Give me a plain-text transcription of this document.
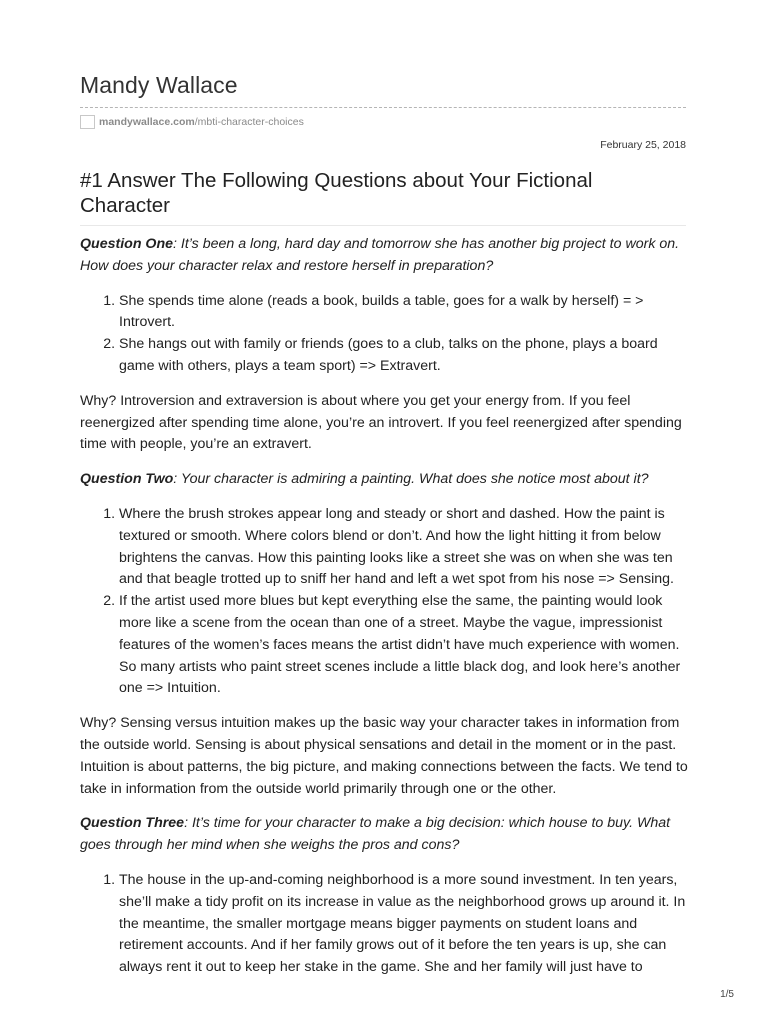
Mandy Wallace
mandywallace.com /mbti-character-choices
February 25, 2018
#1 Answer The Following Questions about Your Fictional Character

Question One: It’s been a long, hard day and tomorrow she has another big project to work on. How does your character relax and restore herself in preparation?

1. She spends time alone (reads a book, builds a table, goes for a walk by herself) = > Introvert.
2. She hangs out with family or friends (goes to a club, talks on the phone, plays a board game with others, plays a team sport) => Extravert.

Why? Introversion and extraversion is about where you get your energy from. If you feel reenergized after spending time alone, you’re an introvert. If you feel reenergized after spending time with people, you’re an extravert.

Question Two: Your character is admiring a painting. What does she notice most about it?

1. Where the brush strokes appear long and steady or short and dashed. How the paint is textured or smooth. Where colors blend or don’t. And how the light hitting it from below brightens the canvas. How this painting looks like a street she was on when she was ten and that beagle trotted up to sniff her hand and left a wet spot from his nose => Sensing.
2. If the artist used more blues but kept everything else the same, the painting would look more like a scene from the ocean than one of a street. Maybe the vague, impressionist features of the women’s faces means the artist didn’t have much experience with women. So many artists who paint street scenes include a little black dog, and look here’s another one => Intuition.

Why? Sensing versus intuition makes up the basic way your character takes in information from the outside world. Sensing is about physical sensations and detail in the moment or in the past. Intuition is about patterns, the big picture, and making connections between the facts. We tend to take in information from the outside world primarily through one or the other.

Question Three: It’s time for your character to make a big decision: which house to buy. What goes through her mind when she weighs the pros and cons?

1. The house in the up-and-coming neighborhood is a more sound investment. In ten years, she’ll make a tidy profit on its increase in value as the neighborhood grows up around it. In the meantime, the smaller mortgage means bigger payments on student loans and retirement accounts. And if her family grows out of it before the ten years is up, she can always rent it out to keep her stake in the game. She and her family will just have to
1/5
